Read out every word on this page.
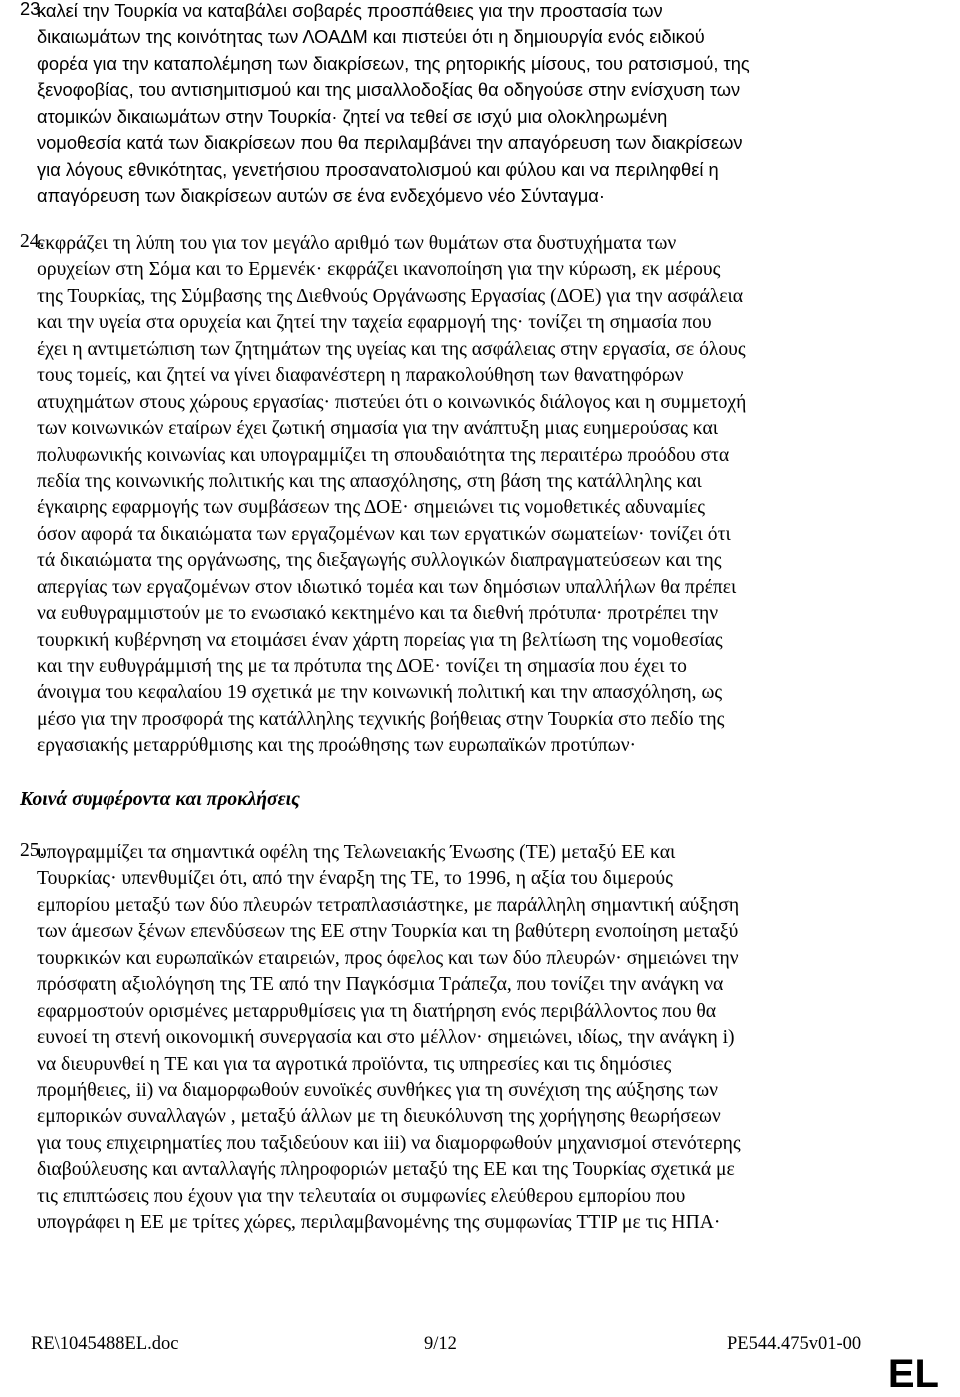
23.
καλεί την Τουρκία να καταβάλει σοβαρές προσπάθειες για την προστασία των
δικαιωμάτων της κοινότητας των ΛΟΑΔΜ και πιστεύει ότι η δημιουργία ενός ειδικού
φορέα για την καταπολέμηση των διακρίσεων, της ρητορικής μίσους, του ρατσισμού, της
ξενοφοβίας, του αντισημιτισμού και της μισαλλοδοξίας θα οδηγούσε στην ενίσχυση των
ατομικών δικαιωμάτων στην Τουρκία· ζητεί να τεθεί σε ισχύ μια ολοκληρωμένη
νομοθεσία κατά των διακρίσεων που θα περιλαμβάνει την απαγόρευση των διακρίσεων
για λόγους εθνικότητας, γενετήσιου προσανατολισμού και φύλου και να περιληφθεί η
απαγόρευση των διακρίσεων αυτών σε ένα ενδεχόμενο νέο Σύνταγμα·
24.
εκφράζει τη λύπη του για τον μεγάλο αριθμό των θυμάτων στα δυστυχήματα των
ορυχείων στη Σόμα και το Ερμενέκ· εκφράζει ικανοποίηση για την κύρωση, εκ μέρους
της Τουρκίας, της Σύμβασης της Διεθνούς Οργάνωσης Εργασίας (ΔΟΕ) για την ασφάλεια
και την υγεία στα ορυχεία και ζητεί την ταχεία εφαρμογή της· τονίζει τη σημασία που
έχει η αντιμετώπιση των ζητημάτων της υγείας και της ασφάλειας στην εργασία, σε όλους
τους τομείς, και ζητεί να γίνει διαφανέστερη η παρακολούθηση των θανατηφόρων
ατυχημάτων στους χώρους εργασίας· πιστεύει ότι ο κοινωνικός διάλογος και η συμμετοχή
των κοινωνικών εταίρων έχει ζωτική σημασία για την ανάπτυξη μιας ευημερούσας και
πολυφωνικής κοινωνίας και υπογραμμίζει τη σπουδαιότητα της περαιτέρω προόδου στα
πεδία της κοινωνικής πολιτικής και της απασχόλησης, στη βάση της κατάλληλης και
έγκαιρης εφαρμογής των συμβάσεων της ΔΟΕ· σημειώνει τις νομοθετικές αδυναμίες
όσον αφορά τα δικαιώματα των εργαζομένων και των εργατικών σωματείων· τονίζει ότι
τά δικαιώματα της οργάνωσης, της διεξαγωγής συλλογικών διαπραγματεύσεων και της
απεργίας των εργαζομένων στον ιδιωτικό τομέα και των δημόσιων υπαλλήλων θα πρέπει
να ευθυγραμμιστούν με το ενωσιακό κεκτημένο και τα διεθνή πρότυπα· προτρέπει την
τουρκική κυβέρνηση να ετοιμάσει έναν χάρτη πορείας για τη βελτίωση της νομοθεσίας
και την ευθυγράμμισή της με τα πρότυπα της ΔΟΕ· τονίζει τη σημασία που έχει το
άνοιγμα του κεφαλαίου 19 σχετικά με την κοινωνική πολιτική και την απασχόληση, ως
μέσο για την προσφορά της κατάλληλης τεχνικής βοήθειας στην Τουρκία στο πεδίο της
εργασιακής μεταρρύθμισης και της προώθησης των ευρωπαϊκών προτύπων·
Κοινά συμφέροντα και προκλήσεις
25.
υπογραμμίζει τα σημαντικά οφέλη της Τελωνειακής Ένωσης (ΤΕ) μεταξύ ΕΕ και
Τουρκίας· υπενθυμίζει ότι, από την έναρξη της ΤΕ, το 1996, η αξία του διμερούς
εμπορίου μεταξύ των δύο πλευρών τετραπλασιάστηκε, με παράλληλη σημαντική αύξηση
των άμεσων ξένων επενδύσεων της ΕΕ στην Τουρκία και τη βαθύτερη ενοποίηση μεταξύ
τουρκικών και ευρωπαϊκών εταιρειών, προς όφελος και των δύο πλευρών· σημειώνει την
πρόσφατη αξιολόγηση της ΤΕ από την Παγκόσμια Τράπεζα, που τονίζει την ανάγκη να
εφαρμοστούν ορισμένες μεταρρυθμίσεις για τη διατήρηση ενός περιβάλλοντος που θα
ευνοεί τη στενή οικονομική συνεργασία και στο μέλλον· σημειώνει, ιδίως, την ανάγκη i)
να διευρυνθεί η ΤΕ και για τα αγροτικά προϊόντα, τις υπηρεσίες και τις δημόσιες
προμήθειες, ii) να διαμορφωθούν ευνοϊκές συνθήκες για τη συνέχιση της αύξησης των
εμπορικών συναλλαγών , μεταξύ άλλων με τη διευκόλυνση της χορήγησης θεωρήσεων
για τους επιχειρηματίες που ταξιδεύουν και iii) να διαμορφωθούν μηχανισμοί στενότερης
διαβούλευσης και ανταλλαγής πληροφοριών μεταξύ της ΕΕ και της Τουρκίας σχετικά με
τις επιπτώσεις που έχουν για την τελευταία οι συμφωνίες ελεύθερου εμπορίου που
υπογράφει η ΕΕ με τρίτες χώρες, περιλαμβανομένης της συμφωνίας TTIP με τις ΗΠΑ·
RE\1045488EL.doc	9/12	PE544.475v01-00
EL
